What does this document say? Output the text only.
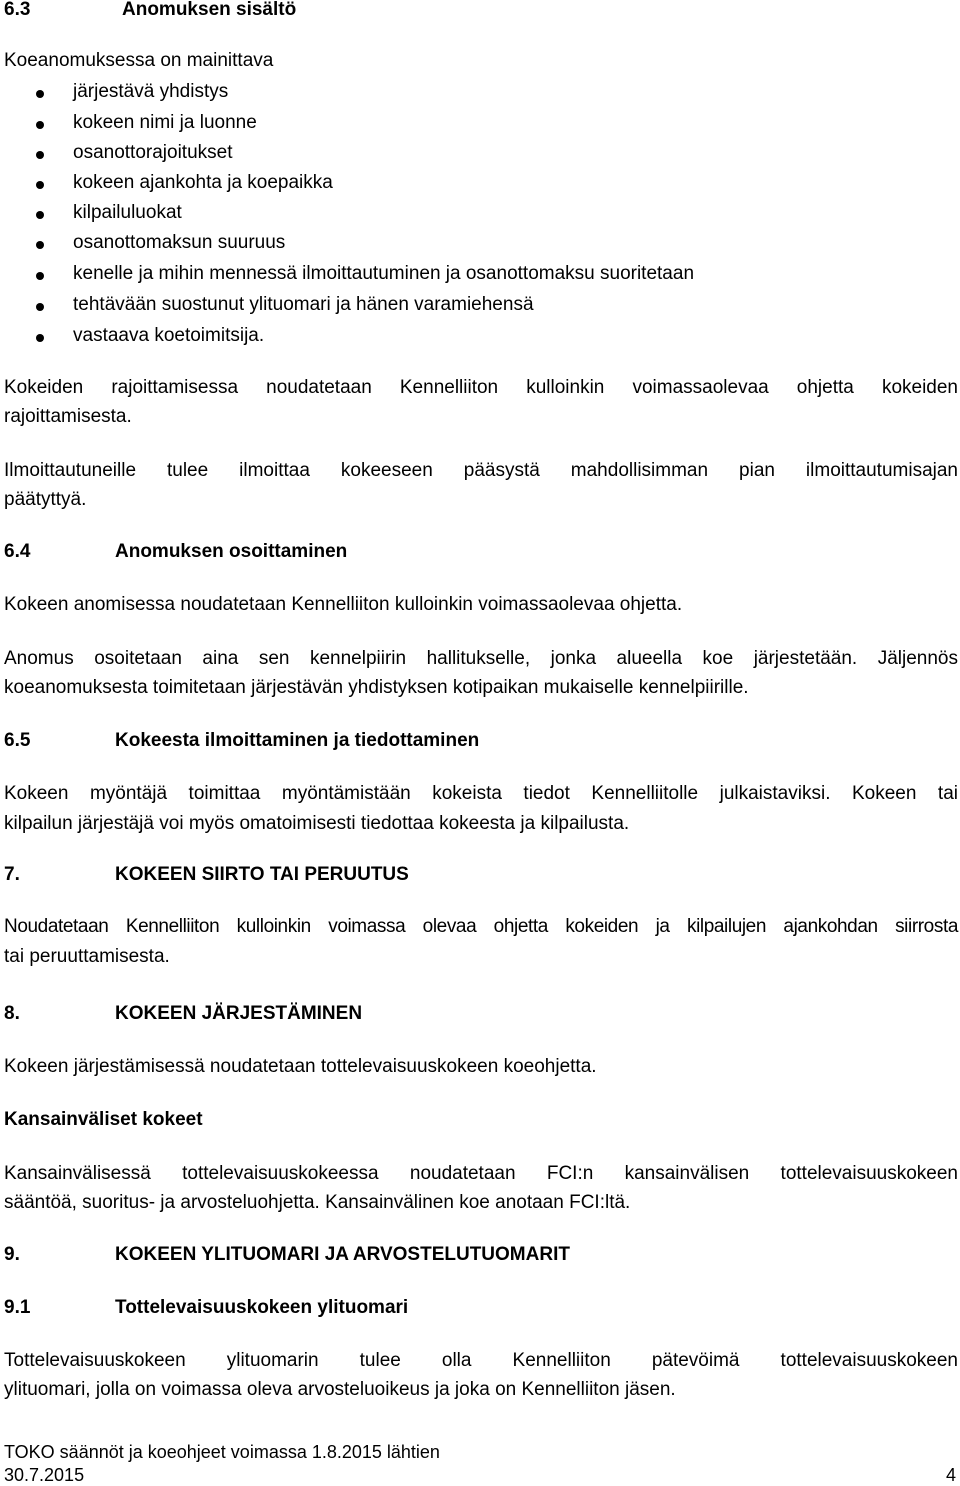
6.3	Anomuksen sisältö

Koeanomuksessa on mainittava

järjestävä yhdistys
kokeen nimi ja luonne
osanottorajoitukset
kokeen ajankohta ja koepaikka
kilpailuluokat
osanottomaksun suuruus
kenelle ja mihin mennessä ilmoittautuminen ja osanottomaksu suoritetaan
tehtävään suostunut ylituomari ja hänen varamiehensä
vastaava koetoimitsija.
Kokeiden rajoittamisessa noudatetaan Kennelliiton kulloinkin voimassaolevaa ohjetta kokeiden
rajoittamisesta.
Ilmoittautuneille tulee ilmoittaa kokeeseen pääsystä mahdollisimman pian ilmoittautumisajan
päätyttyä.
6.4	Anomuksen osoittaminen

Kokeen anomisessa noudatetaan Kennelliiton kulloinkin voimassaolevaa ohjetta.

Anomus osoitetaan aina sen kennelpiirin hallitukselle, jonka alueella koe järjestetään. Jäljennös
koeanomuksesta toimitetaan järjestävän yhdistyksen kotipaikan mukaiselle kennelpiirille.
6.5	Kokeesta ilmoittaminen ja tiedottaminen
Kokeen myöntäjä toimittaa myöntämistään kokeista tiedot Kennelliitolle julkaistaviksi. Kokeen tai
kilpailun järjestäjä voi myös omatoimisesti tiedottaa kokeesta ja kilpailusta.
7.	KOKEEN SIIRTO TAI PERUUTUS
Noudatetaan Kennelliiton kulloinkin voimassa olevaa ohjetta kokeiden ja kilpailujen ajankohdan siirrosta
tai peruuttamisesta.
8.	KOKEEN JÄRJESTÄMINEN

Kokeen järjestämisessä noudatetaan tottelevaisuuskokeen koeohjetta.

Kansainväliset kokeet

Kansainvälisessä tottelevaisuuskokeessa noudatetaan FCI:n kansainvälisen tottelevaisuuskokeen
sääntöä, suoritus- ja arvosteluohjetta. Kansainvälinen koe anotaan FCI:ltä.
9.	KOKEEN YLITUOMARI JA ARVOSTELUTUOMARIT
9.1	Tottelevaisuuskokeen ylituomari
Tottelevaisuuskokeen ylituomarin tulee olla Kennelliiton pätevöimä tottelevaisuuskokeen
ylituomari, jolla on voimassa oleva arvosteluoikeus ja joka on Kennelliiton jäsen.
TOKO säännöt ja koeohjeet voimassa 1.8.2015 lähtien
30.7.2015	4
